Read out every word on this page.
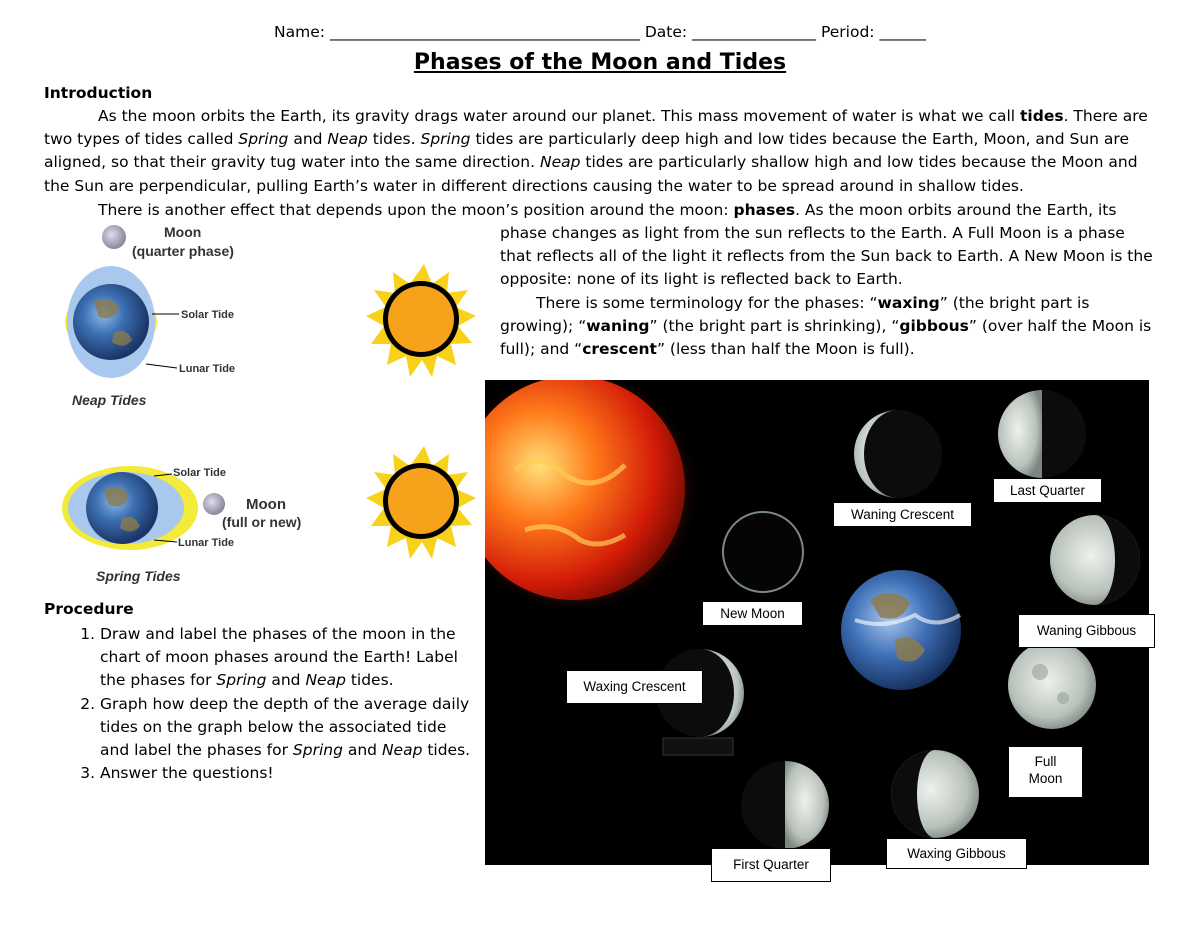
Name: ________________________________________ Date: ________________ Period: ______
Phases of the Moon and Tides
Introduction
As the moon orbits the Earth, its gravity drags water around our planet. This mass movement of water is what we call tides. There are two types of tides called Spring and Neap tides. Spring tides are particularly deep high and low tides because the Earth, Moon, and Sun are aligned, so that their gravity tug water into the same direction. Neap tides are particularly shallow high and low tides because the Moon and the Sun are perpendicular, pulling Earth’s water in different directions causing the water to be spread around in shallow tides.
There is another effect that depends upon the moon’s position around the moon: phases. As the moon orbits around the Earth, its
phase changes as light from the sun reflects to the Earth. A Full Moon is a phase that reflects all of the light it reflects from the Sun back to Earth. A New Moon is the opposite: none of its light is reflected back to Earth.
There is some terminology for the phases: “waxing” (the bright part is growing); “waning” (the bright part is shrinking), “gibbous” (over half the Moon is full); and “crescent” (less than half the Moon is full).
Moon
(quarter phase)
Solar Tide
Lunar Tide
Neap Tides
Solar Tide
Moon
(full or new)
Lunar Tide
Spring Tides
Procedure
1. Draw and label the phases of the moon in the chart of moon phases around the Earth! Label the phases for Spring and Neap tides.
2. Graph how deep the depth of the average daily tides on the graph below the associated tide and label the phases for Spring and Neap tides.
3. Answer the questions!
Waning Crescent
Last Quarter
New Moon
Waning Gibbous
Waxing Crescent
Full
Moon
First Quarter
Waxing Gibbous
